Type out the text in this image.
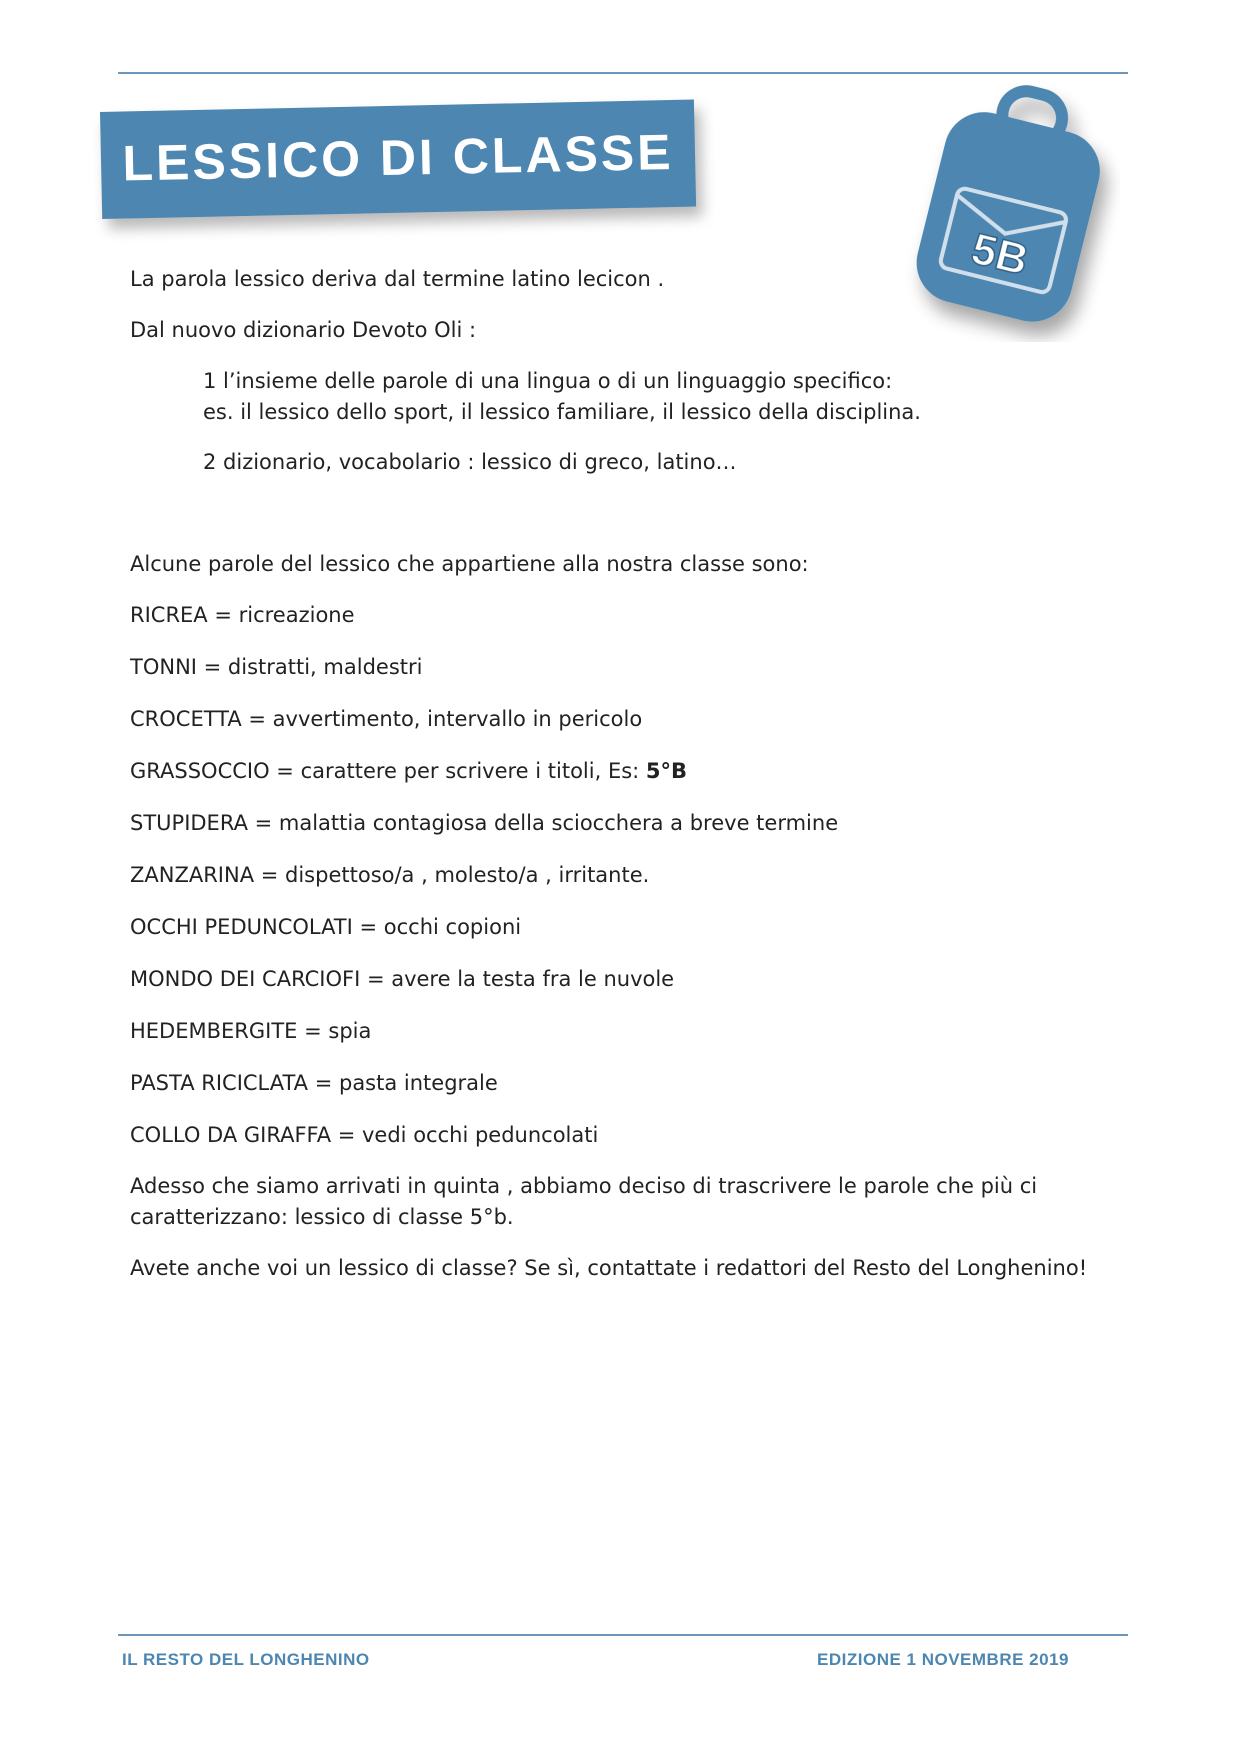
LESSICO DI CLASSE
5B

La parola lessico deriva dal termine latino lecicon .

Dal nuovo dizionario Devoto Oli :

1 l’insieme delle parole di una lingua o di un linguaggio specifico:

es. il lessico dello sport, il lessico familiare, il lessico della disciplina.

2 dizionario, vocabolario : lessico di greco, latino…

Alcune parole del lessico che appartiene alla nostra classe sono:

RICREA = ricreazione

TONNI = distratti, maldestri

CROCETTA = avvertimento, intervallo in pericolo

GRASSOCCIO = carattere per scrivere i titoli, Es: 5°B

STUPIDERA = malattia contagiosa della sciocchera a breve termine

ZANZARINA = dispettoso/a , molesto/a , irritante.

OCCHI PEDUNCOLATI = occhi copioni

MONDO DEI CARCIOFI = avere la testa fra le nuvole

HEDEMBERGITE = spia

PASTA RICICLATA = pasta integrale

COLLO DA GIRAFFA = vedi occhi peduncolati

Adesso che siamo arrivati in quinta , abbiamo deciso di trascrivere le parole che più ci caratterizzano: lessico di classe 5°b.

Avete anche voi un lessico di classe? Se sì, contattate i redattori del Resto del Longhenino!

IL RESTO DEL LONGHENINO	EDIZIONE 1 NOVEMBRE 2019
